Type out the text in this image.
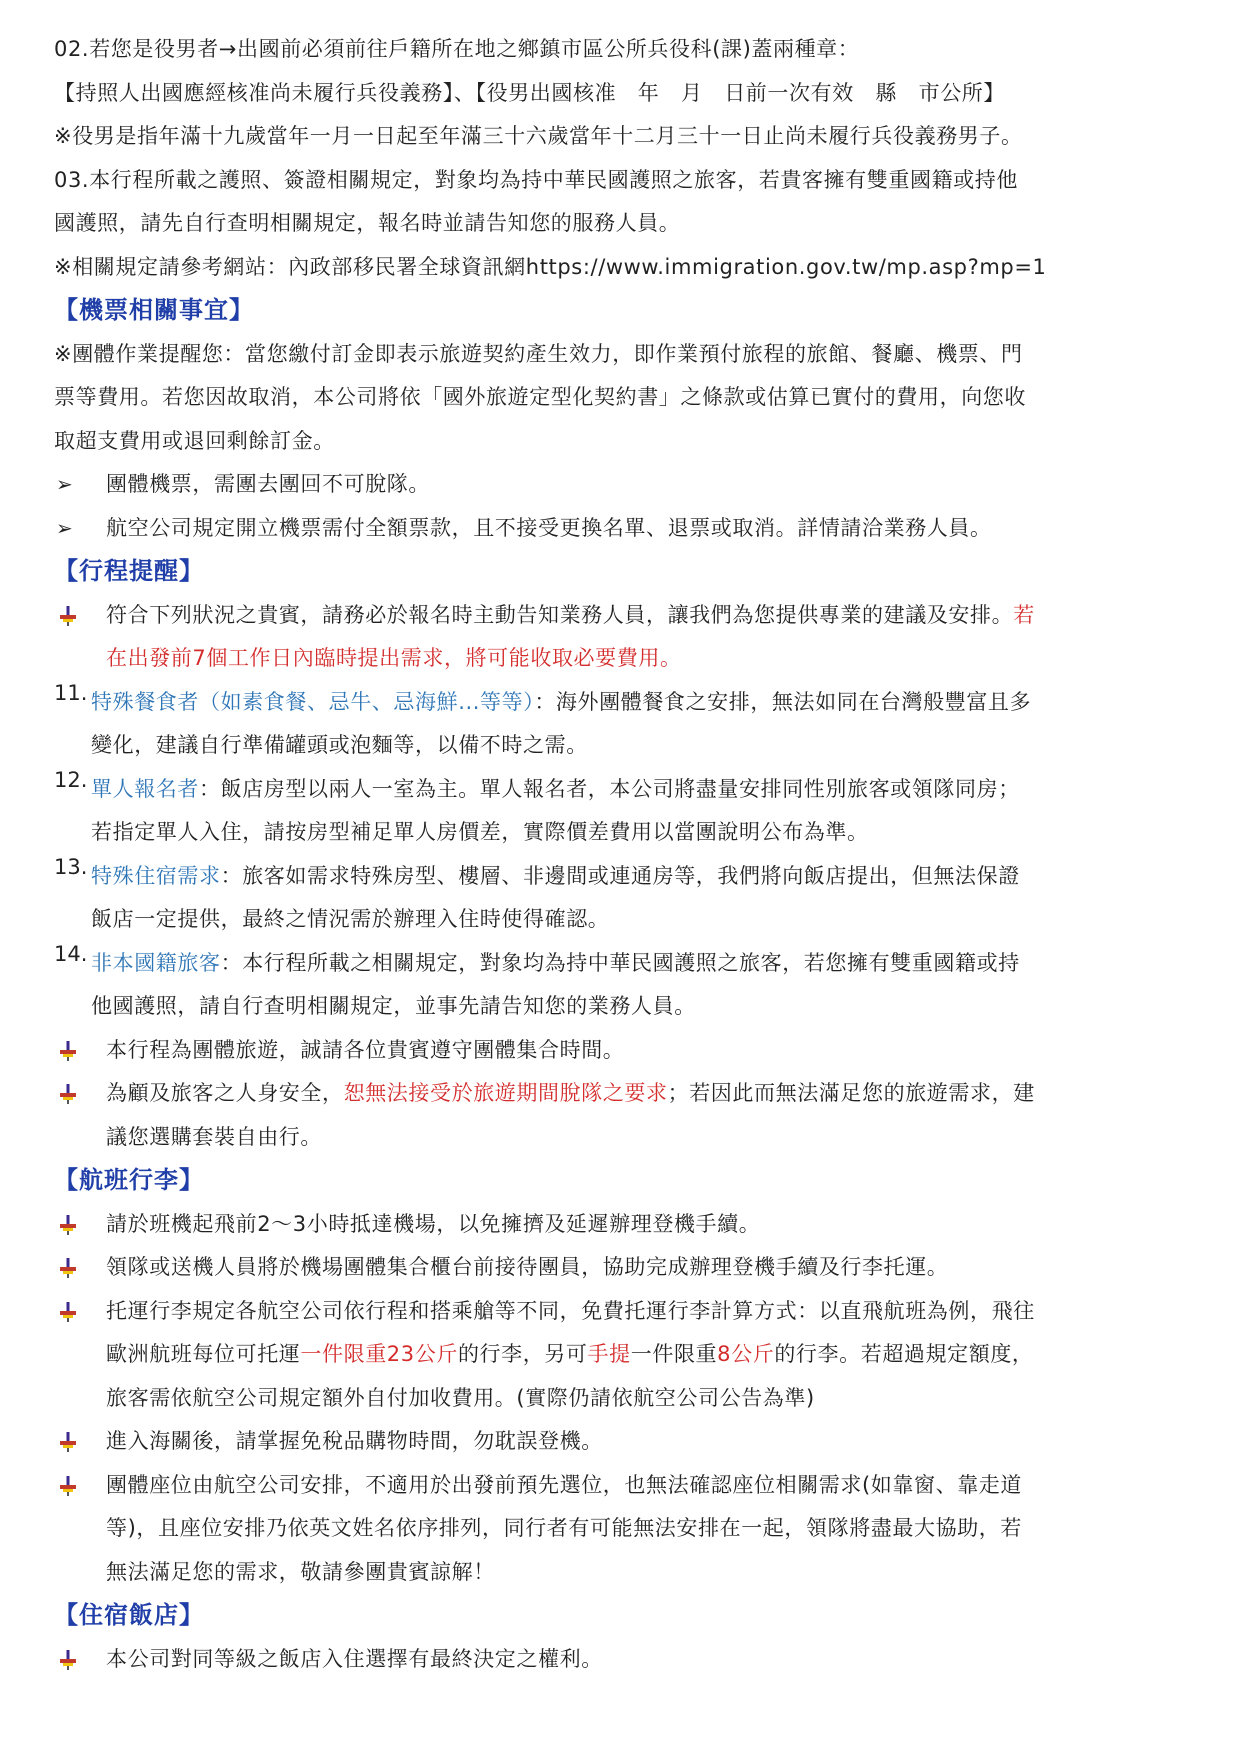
02.若您是役男者→出國前必須前往戶籍所在地之鄉鎮市區公所兵役科(課)蓋兩種章：
【持照人出國應經核准尚未履行兵役義務】、【役男出國核准　年　月　日前一次有效　縣　市公所】
※役男是指年滿十九歲當年一月一日起至年滿三十六歲當年十二月三十一日止尚未履行兵役義務男子。
03.本行程所載之護照、簽證相關規定，對象均為持中華民國護照之旅客，若貴客擁有雙重國籍或持他
國護照，請先自行查明相關規定，報名時並請告知您的服務人員。
※相關規定請參考網站：內政部移民署全球資訊網https://www.immigration.gov.tw/mp.asp?mp=1
【機票相關事宜】
※團體作業提醒您：當您繳付訂金即表示旅遊契約產生效力，即作業預付旅程的旅館、餐廳、機票、門
票等費用。若您因故取消，本公司將依「國外旅遊定型化契約書」之條款或估算已實付的費用，向您收
取超支費用或退回剩餘訂金。
➢	團體機票，需團去團回不可脫隊。
➢	航空公司規定開立機票需付全額票款，且不接受更換名單、退票或取消。詳情請洽業務人員。
【行程提醒】
符合下列狀況之貴賓，請務必於報名時主動告知業務人員，讓我們為您提供專業的建議及安排。若
在出發前7個工作日內臨時提出需求，將可能收取必要費用。
11. 特殊餐食者（如素食餐、忌牛、忌海鮮...等等）：海外團體餐食之安排，無法如同在台灣般豐富且多
變化，建議自行準備罐頭或泡麵等，以備不時之需。
12. 單人報名者：飯店房型以兩人一室為主。單人報名者，本公司將盡量安排同性別旅客或領隊同房；
若指定單人入住，請按房型補足單人房價差，實際價差費用以當團說明公布為準。
13. 特殊住宿需求：旅客如需求特殊房型、樓層、非邊間或連通房等，我們將向飯店提出，但無法保證
飯店一定提供，最終之情況需於辦理入住時使得確認。
14. 非本國籍旅客：本行程所載之相關規定，對象均為持中華民國護照之旅客，若您擁有雙重國籍或持
他國護照，請自行查明相關規定，並事先請告知您的業務人員。
本行程為團體旅遊，誠請各位貴賓遵守團體集合時間。
為顧及旅客之人身安全，恕無法接受於旅遊期間脫隊之要求；若因此而無法滿足您的旅遊需求，建
議您選購套裝自由行。
【航班行李】
請於班機起飛前2～3小時抵達機場，以免擁擠及延遲辦理登機手續。
領隊或送機人員將於機場團體集合櫃台前接待團員，協助完成辦理登機手續及行李托運。
托運行李規定各航空公司依行程和搭乘艙等不同，免費托運行李計算方式：以直飛航班為例，飛往
歐洲航班每位可托運一件限重23公斤的行李，另可手提一件限重8公斤的行李。若超過規定額度，
旅客需依航空公司規定額外自付加收費用。(實際仍請依航空公司公告為準)
進入海關後，請掌握免稅品購物時間，勿耽誤登機。
團體座位由航空公司安排，不適用於出發前預先選位，也無法確認座位相關需求(如靠窗、靠走道
等)，且座位安排乃依英文姓名依序排列，同行者有可能無法安排在一起，領隊將盡最大協助，若
無法滿足您的需求，敬請參團貴賓諒解！
【住宿飯店】
本公司對同等級之飯店入住選擇有最終決定之權利。
